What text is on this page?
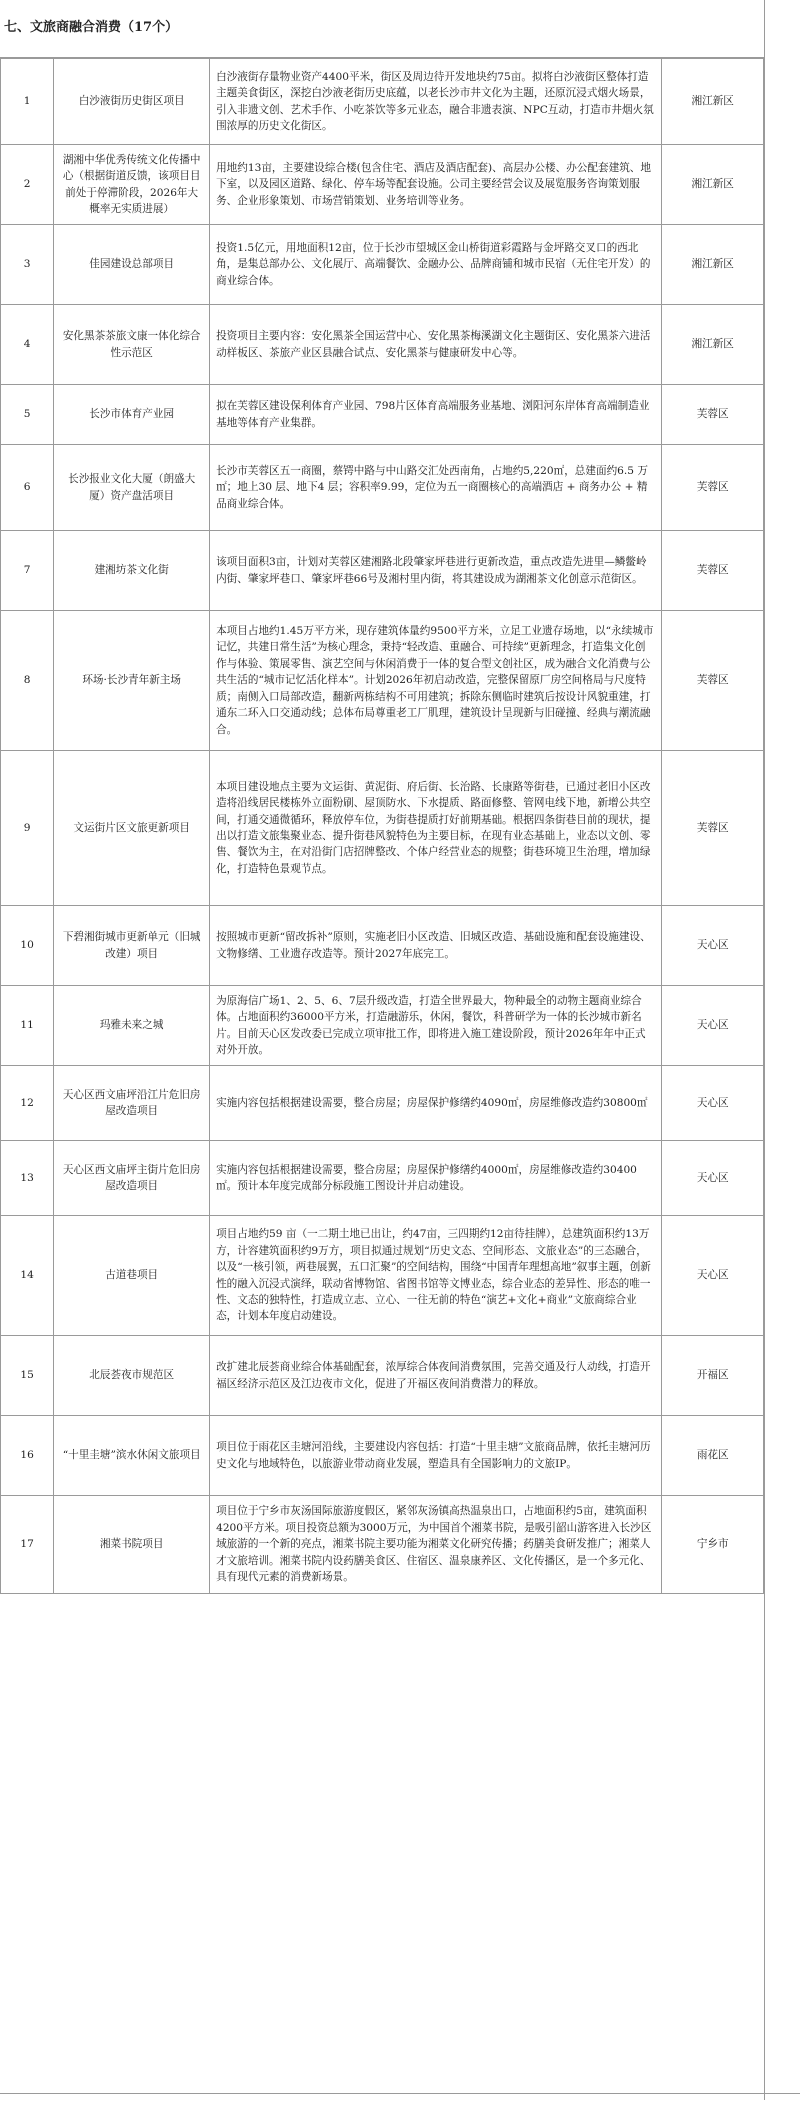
七、文旅商融合消费（17个）
1	白沙液街历史街区项目	白沙液街存量物业资产4400平米，街区及周边待开发地块约75亩。拟将白沙液街区整体打造主题美食街区，深挖白沙液老街历史底蕴，以老长沙市井文化为主题，还原沉浸式烟火场景，引入非遗文创、艺术手作、小吃茶饮等多元业态，融合非遗表演、NPC互动，打造市井烟火氛围浓厚的历史文化街区。	湘江新区
2	湖湘中华优秀传统文化传播中心（根据街道反馈，该项目目前处于停滞阶段，2026年大概率无实质进展）	用地约13亩，主要建设综合楼(包含住宅、酒店及酒店配套)、高层办公楼、办公配套建筑、地下室，以及园区道路、绿化、停车场等配套设施。公司主要经营会议及展览服务咨询策划服务、企业形象策划、市场营销策划、业务培训等业务。	湘江新区
3	佳园建设总部项目	投资1.5亿元，用地面积12亩，位于长沙市望城区金山桥街道彩霞路与金坪路交叉口的西北角，是集总部办公、文化展厅、高端餐饮、金融办公、品牌商铺和城市民宿（无住宅开发）的商业综合体。	湘江新区
4	安化黑茶茶旅文康一体化综合性示范区	投资项目主要内容：安化黑茶全国运营中心、安化黑茶梅溪湖文化主题街区、安化黑茶六进活动样板区、茶旅产业区县融合试点、安化黑茶与健康研发中心等。	湘江新区
5	长沙市体育产业园	拟在芙蓉区建设保利体育产业园、798片区体育高端服务业基地、浏阳河东岸体育高端制造业基地等体育产业集群。	芙蓉区
6	长沙报业文化大厦（朗盛大厦）资产盘活项目	长沙市芙蓉区五一商圈，蔡锷中路与中山路交汇处西南角，占地约5,220㎡，总建面约6.5 万㎡；地上30 层、地下4 层；容积率9.99，定位为五一商圈核心的高端酒店 + 商务办公 + 精品商业综合体。	芙蓉区
7	建湘坊茶文化街	该项目面积3亩，计划对芙蓉区建湘路北段肇家坪巷进行更新改造，重点改造先进里—鳞鳖岭内街、肇家坪巷口、肇家坪巷66号及湘村里内街，将其建设成为湖湘茶文化创意示范街区。	芙蓉区
8	环场·长沙青年新主场	本项目占地约1.45万平方米，现存建筑体量约9500平方米，立足工业遗存场地，以“永续城市记忆，共建日常生活”为核心理念，秉持“轻改造、重融合、可持续”更新理念，打造集文化创作与体验、策展零售、演艺空间与休闲消费于一体的复合型文创社区，成为融合文化消费与公共生活的“城市记忆活化样本”。计划2026年初启动改造，完整保留原厂房空间格局与尺度特质；南侧入口局部改造，翻新两栋结构不可用建筑；拆除东侧临时建筑后按设计风貌重建，打通东二环入口交通动线；总体布局尊重老工厂肌理，建筑设计呈现新与旧碰撞、经典与潮流融合。	芙蓉区
9	文运街片区文旅更新项目	本项目建设地点主要为文运街、黄泥街、府后街、长治路、长康路等街巷，已通过老旧小区改造将沿线居民楼栋外立面粉刷、屋顶防水、下水提质、路面修整、管网电线下地，新增公共空间，打通交通微循环，释放停车位，为街巷提质打好前期基础。根据四条街巷目前的现状，提出以打造文旅集聚业态、提升街巷风貌特色为主要目标，在现有业态基础上，业态以文创、零售、餐饮为主，在对沿街门店招牌整改、个体户经营业态的规整；街巷环境卫生治理，增加绿化，打造特色景观节点。	芙蓉区
10	下碧湘街城市更新单元（旧城改建）项目	按照城市更新“留改拆补”原则，实施老旧小区改造、旧城区改造、基础设施和配套设施建设、文物修缮、工业遗存改造等。预计2027年底完工。	天心区
11	玛雅未来之城	为原海信广场1、2、5、6、7层升级改造，打造全世界最大，物种最全的动物主题商业综合体。占地面积约36000平方米，打造融游乐，休闲，餐饮，科普研学为一体的长沙城市新名片。目前天心区发改委已完成立项审批工作，即将进入施工建设阶段，预计2026年年中正式对外开放。	天心区
12	天心区西文庙坪沿江片危旧房屋改造项目	实施内容包括根据建设需要，整合房屋；房屋保护修缮约4090㎡，房屋维修改造约30800㎡	天心区
13	天心区西文庙坪主街片危旧房屋改造项目	实施内容包括根据建设需要，整合房屋；房屋保护修缮约4000㎡，房屋维修改造约30400㎡。预计本年度完成部分标段施工图设计并启动建设。	天心区
14	古道巷项目	项目占地约59 亩（一二期土地已出让，约47亩，三四期约12亩待挂牌），总建筑面积约13万方，计容建筑面积约9万方，项目拟通过规划“历史文态、空间形态、文旅业态”的三态融合，以及“一核引领，两巷展翼，五口汇聚”的空间结构，围绕“中国青年理想高地”叙事主题，创新性的融入沉浸式演绎，联动省博物馆、省图书馆等文博业态，综合业态的差异性、形态的唯一性、文态的独特性，打造成立志、立心、一往无前的特色“演艺+文化+商业”文旅商综合业态，计划本年度启动建设。	天心区
15	北辰荟夜市规范区	改扩建北辰荟商业综合体基础配套，浓厚综合体夜间消费氛围，完善交通及行人动线，打造开福区经济示范区及江边夜市文化，促进了开福区夜间消费潜力的释放。	开福区
16	“十里圭塘”滨水休闲文旅项目	项目位于雨花区圭塘河沿线，主要建设内容包括：打造“十里圭塘”文旅商品牌，依托圭塘河历史文化与地域特色，以旅游业带动商业发展，塑造具有全国影响力的文旅IP。	雨花区
17	湘菜书院项目	项目位于宁乡市灰汤国际旅游度假区，紧邻灰汤镇高热温泉出口，占地面积约5亩，建筑面积4200平方米。项目投资总额为3000万元，为中国首个湘菜书院，是吸引韶山游客进入长沙区域旅游的一个新的亮点，湘菜书院主要功能为湘菜文化研究传播；药膳美食研发推广；湘菜人才文旅培训。湘菜书院内设药膳美食区、住宿区、温泉康养区、文化传播区，是一个多元化、具有现代元素的消费新场景。	宁乡市
